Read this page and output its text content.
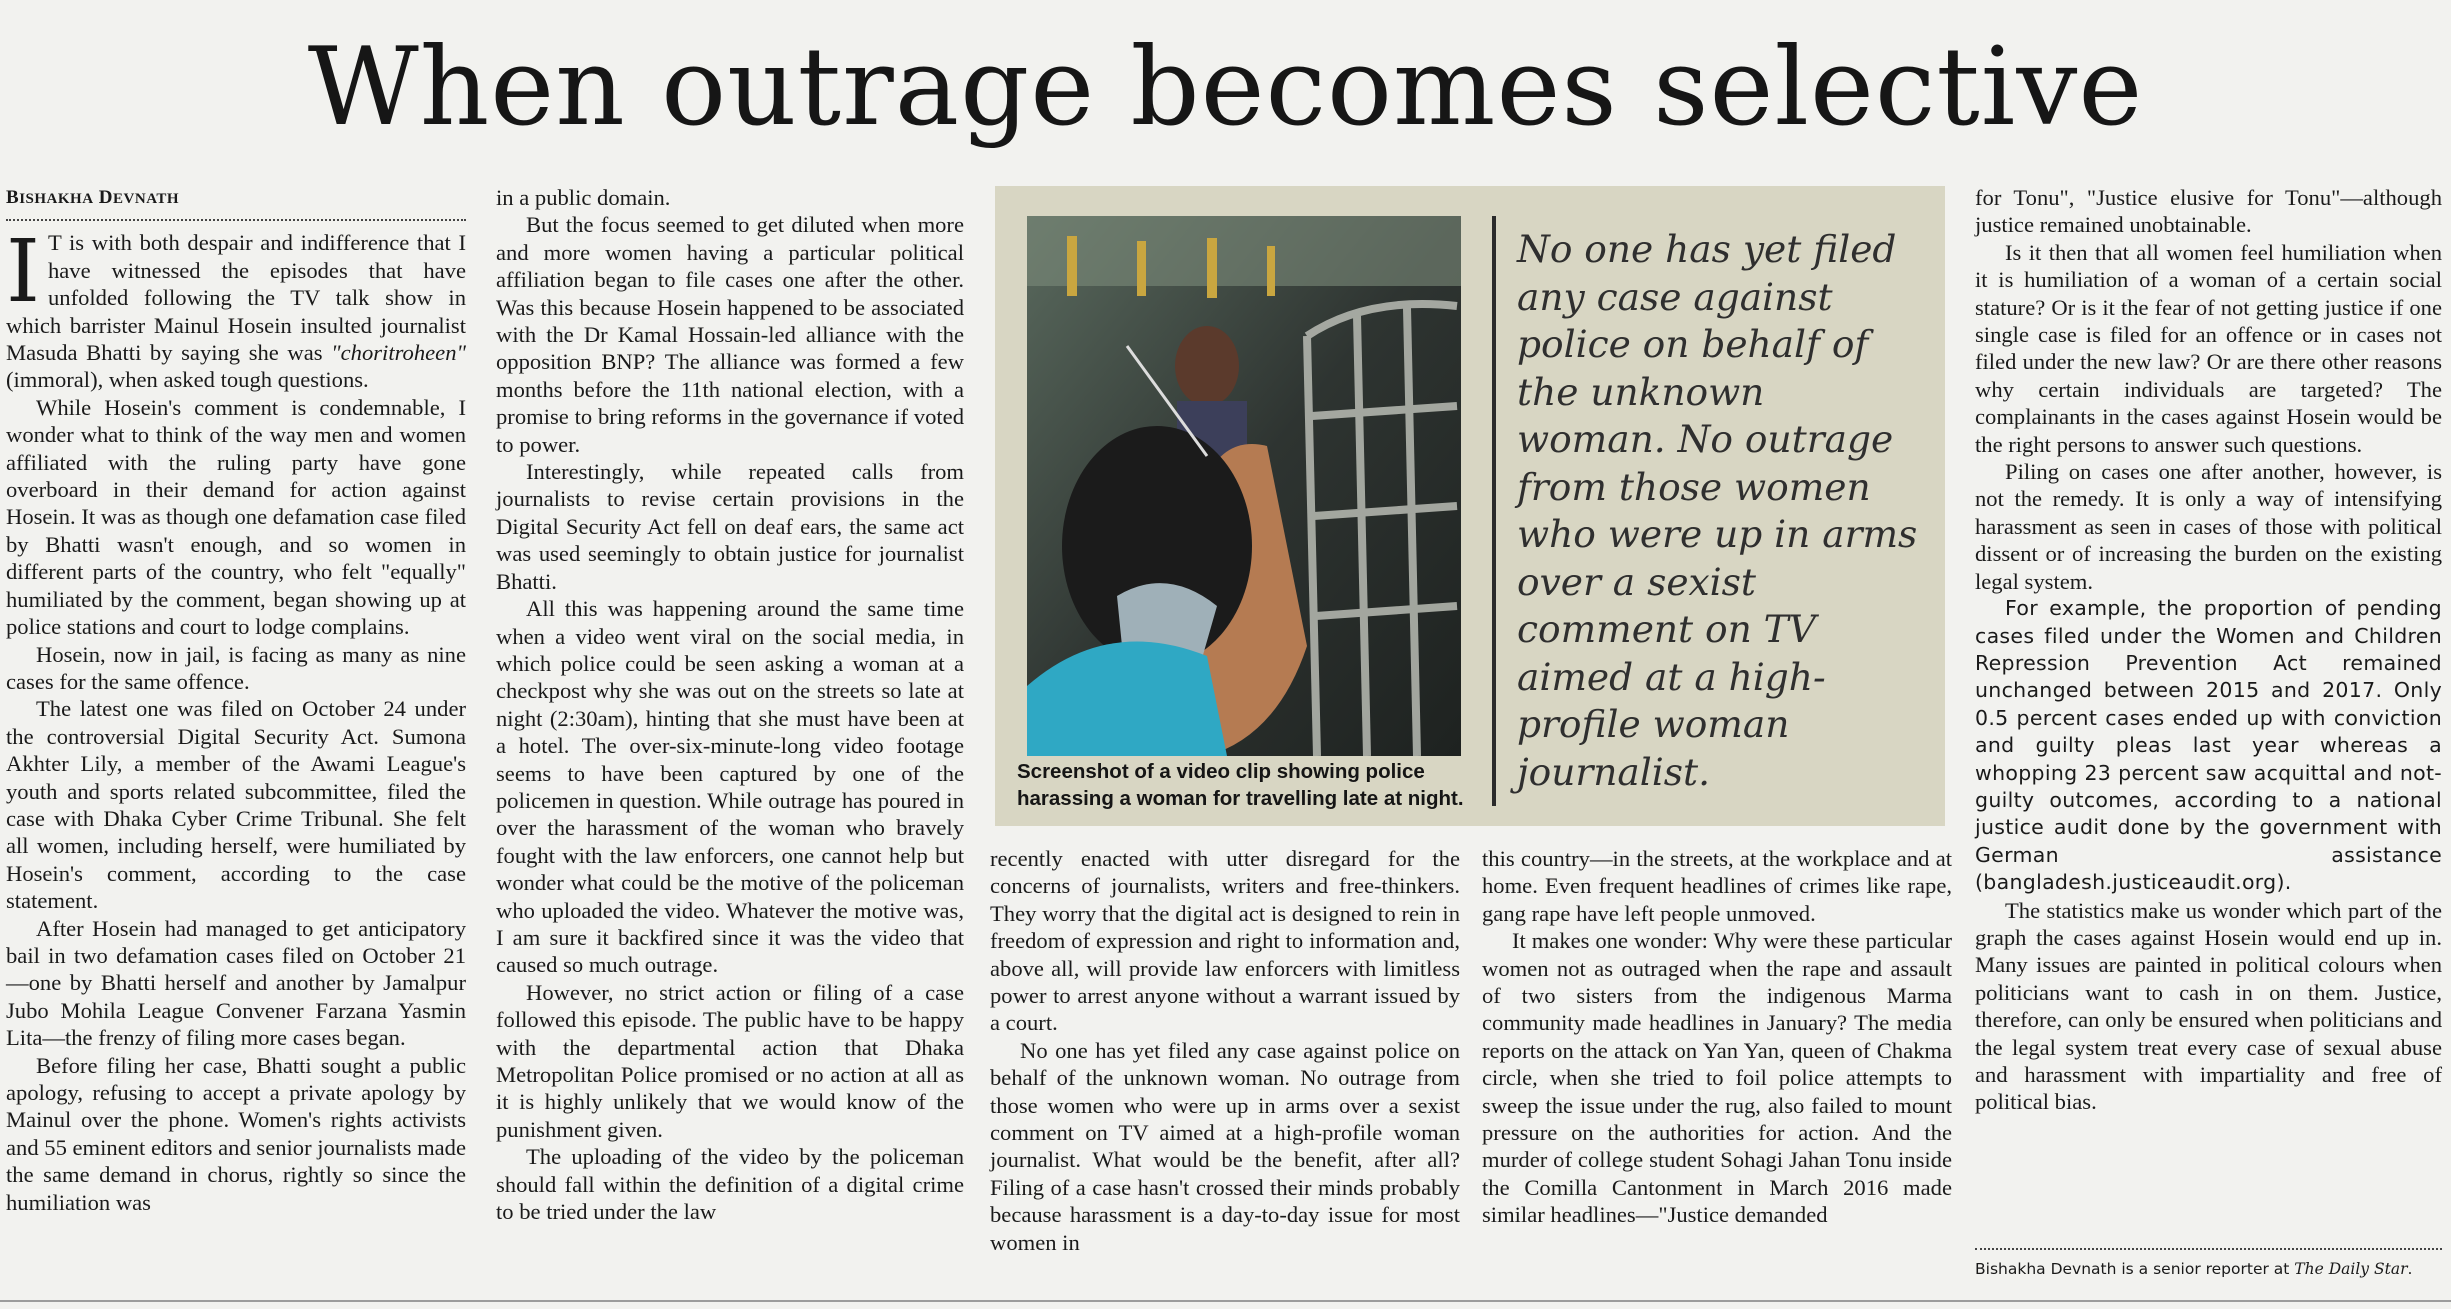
When outrage becomes selective
BISHAKHA DEVNATH

I T is with both despair and indifference that I have witnessed the episodes that have unfolded following the TV talk show in which barrister Mainul Hosein insulted journalist Masuda Bhatti by saying she was "choritroheen" (immoral), when asked tough questions.

While Hosein's comment is condemnable, I wonder what to think of the way men and women affiliated with the ruling party have gone overboard in their demand for action against Hosein. It was as though one defamation case filed by Bhatti wasn't enough, and so women in different parts of the country, who felt "equally" humiliated by the comment, began showing up at police stations and court to lodge complains.

Hosein, now in jail, is facing as many as nine cases for the same offence.

The latest one was filed on October 24 under the controversial Digital Security Act. Sumona Akhter Lily, a member of the Awami League's youth and sports related subcommittee, filed the case with Dhaka Cyber Crime Tribunal. She felt all women, including herself, were humiliated by Hosein's comment, according to the case statement.

After Hosein had managed to get anticipatory bail in two defamation cases filed on October 21—one by Bhatti herself and another by Jamalpur Jubo Mohila League Convener Farzana Yasmin Lita—the frenzy of filing more cases began.

Before filing her case, Bhatti sought a public apology, refusing to accept a private apology by Mainul over the phone. Women's rights activists and 55 eminent editors and senior journalists made the same demand in chorus, rightly so since the humiliation was

in a public domain.

But the focus seemed to get diluted when more and more women having a particular political affiliation began to file cases one after the other. Was this because Hosein happened to be associated with the Dr Kamal Hossain-led alliance with the opposition BNP? The alliance was formed a few months before the 11th national election, with a promise to bring reforms in the governance if voted to power.

Interestingly, while repeated calls from journalists to revise certain provisions in the Digital Security Act fell on deaf ears, the same act was used seemingly to obtain justice for journalist Bhatti.

All this was happening around the same time when a video went viral on the social media, in which police could be seen asking a woman at a checkpost why she was out on the streets so late at night (2:30am), hinting that she must have been at a hotel. The over-six-minute-long video footage seems to have been captured by one of the policemen in question. While outrage has poured in over the harassment of the woman who bravely fought with the law enforcers, one cannot help but wonder what could be the motive of the policeman who uploaded the video. Whatever the motive was, I am sure it backfired since it was the video that caused so much outrage.

However, no strict action or filing of a case followed this episode. The public have to be happy with the departmental action that Dhaka Metropolitan Police promised or no action at all as it is highly unlikely that we would know of the punishment given.

The uploading of the video by the policeman should fall within the definition of a digital crime to be tried under the law

Screenshot of a video clip showing police harassing a woman for travelling late at night.
No one has yet filed any case against police on behalf of the unknown woman. No outrage from those women who were up in arms over a sexist comment on TV aimed at a high-profile woman journalist.

recently enacted with utter disregard for the concerns of journalists, writers and free-thinkers. They worry that the digital act is designed to rein in freedom of expression and right to information and, above all, will provide law enforcers with limitless power to arrest anyone without a warrant issued by a court.

No one has yet filed any case against police on behalf of the unknown woman. No outrage from those women who were up in arms over a sexist comment on TV aimed at a high-profile woman journalist. What would be the benefit, after all? Filing of a case hasn't crossed their minds probably because harassment is a day-to-day issue for most women in

this country—in the streets, at the workplace and at home. Even frequent headlines of crimes like rape, gang rape have left people unmoved.

It makes one wonder: Why were these particular women not as outraged when the rape and assault of two sisters from the indigenous Marma community made headlines in January? The media reports on the attack on Yan Yan, queen of Chakma circle, when she tried to foil police attempts to sweep the issue under the rug, also failed to mount pressure on the authorities for action. And the murder of college student Sohagi Jahan Tonu inside the Comilla Cantonment in March 2016 made similar headlines—"Justice demanded

for Tonu", "Justice elusive for Tonu"—although justice remained unobtainable.

Is it then that all women feel humiliation when it is humiliation of a woman of a certain social stature? Or is it the fear of not getting justice if one single case is filed for an offence or in cases not filed under the new law? Or are there other reasons why certain individuals are targeted? The complainants in the cases against Hosein would be the right persons to answer such questions.

Piling on cases one after another, however, is not the remedy. It is only a way of intensifying harassment as seen in cases of those with political dissent or of increasing the burden on the existing legal system.

For example, the proportion of pending cases filed under the Women and Children Repression Prevention Act remained unchanged between 2015 and 2017. Only 0.5 percent cases ended up with conviction and guilty pleas last year whereas a whopping 23 percent saw acquittal and not-guilty outcomes, according to a national justice audit done by the government with German assistance (bangladesh.justiceaudit.org).

The statistics make us wonder which part of the graph the cases against Hosein would end up in. Many issues are painted in political colours when politicians want to cash in on them. Justice, therefore, can only be ensured when politicians and the legal system treat every case of sexual abuse and harassment with impartiality and free of political bias.

Bishakha Devnath is a senior reporter at The Daily Star.
